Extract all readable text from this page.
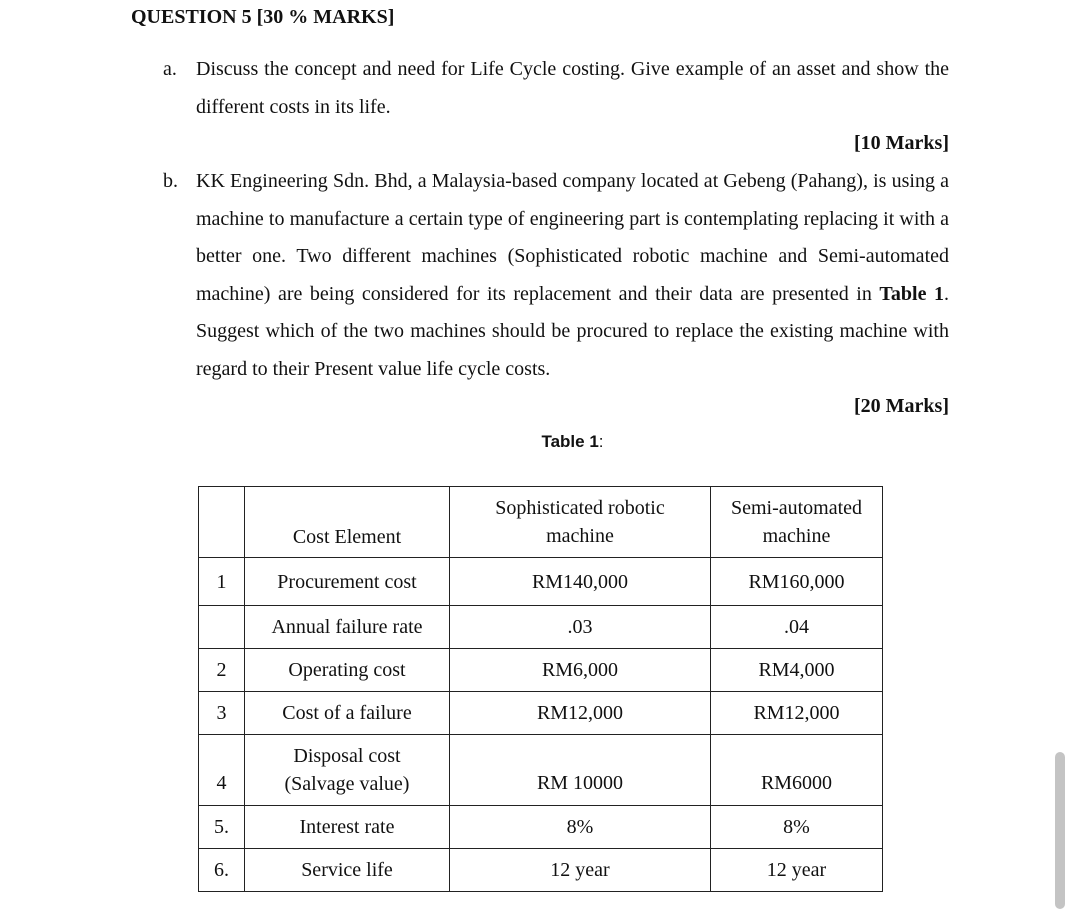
QUESTION 5 [30 % MARKS]
a. Discuss the concept and need for Life Cycle costing. Give example of an asset and show the different costs in its life.
[10 Marks]
b. KK Engineering Sdn. Bhd, a Malaysia-based company located at Gebeng (Pahang), is using a machine to manufacture a certain type of engineering part is contemplating replacing it with a better one. Two different machines (Sophisticated robotic machine and Semi-automated machine) are being considered for its replacement and their data are presented in Table 1. Suggest which of the two machines should be procured to replace the existing machine with regard to their Present value life cycle costs.
[20 Marks]
Table 1:
	Cost Element	Sophisticated robotic machine	Semi-automated machine
1	Procurement cost	RM140,000	RM160,000
	Annual failure rate	.03	.04
2	Operating cost	RM6,000	RM4,000
3	Cost of a failure	RM12,000	RM12,000
4	Disposal cost (Salvage value)	RM 10000	RM6000
5.	Interest rate	8%	8%
6.	Service life	12 year	12 year
